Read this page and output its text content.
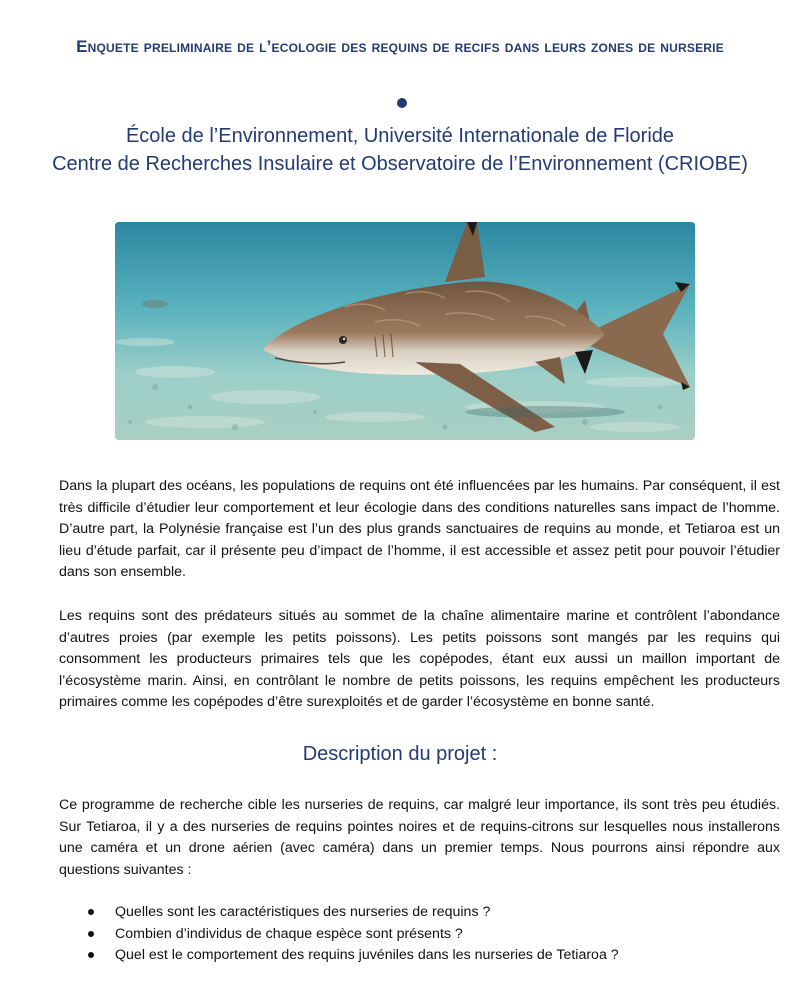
Enquete preliminaire de l’ecologie des requins de recifs dans leurs zones de nurserie
École de l’Environnement, Université Internationale de Floride
Centre de Recherches Insulaire et Observatoire de l’Environnement (CRIOBE)

Dans la plupart des océans, les populations de requins ont été influencées par les humains. Par conséquent, il est très difficile d’étudier leur comportement et leur écologie dans des conditions naturelles sans impact de l’homme. D’autre part, la Polynésie française est l’un des plus grands sanctuaires de requins au monde, et Tetiaroa est un lieu d’étude parfait, car il présente peu d’impact de l’homme, il est accessible et assez petit pour pouvoir l’étudier dans son ensemble.

Les requins sont des prédateurs situés au sommet de la chaîne alimentaire marine et contrôlent l’abondance d’autres proies (par exemple les petits poissons). Les petits poissons sont mangés par les requins qui consomment les producteurs primaires tels que les copépodes, étant eux aussi un maillon important de l’écosystème marin. Ainsi, en contrôlant le nombre de petits poissons, les requins empêchent les producteurs primaires comme les copépodes d’être surexploités et de garder l’écosystème en bonne santé.

Description du projet :

Ce programme de recherche cible les nurseries de requins, car malgré leur importance, ils sont très peu étudiés. Sur Tetiaroa, il y a des nurseries de requins pointes noires et de requins-citrons sur lesquelles nous installerons une caméra et un drone aérien (avec caméra) dans un premier temps. Nous pourrons ainsi répondre aux questions suivantes :

Quelles sont les caractéristiques des nurseries de requins ?
Combien d’individus de chaque espèce sont présents ?
Quel est le comportement des requins juvéniles dans les nurseries de Tetiaroa ?
